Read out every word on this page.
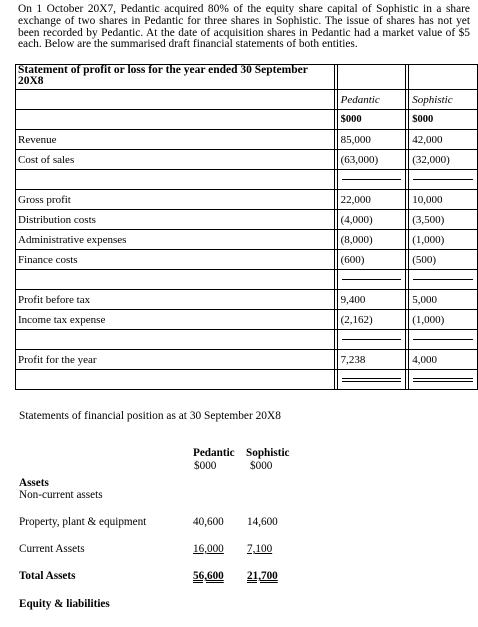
On 1 October 20X7, Pedantic acquired 80% of the equity share capital of Sophistic in a share exchange of two shares in Pedantic for three shares in Sophistic. The issue of shares has not yet been recorded by Pedantic. At the date of acquisition shares in Pedantic had a market value of $5 each. Below are the summarised draft financial statements of both entities.
Statement of profit or loss for the year ended 30 September 20X8				
		Pedantic		Sophistic
		$000		$000
Revenue		85,000		42,000
Cost of sales		(63,000)		(32,000)

Gross profit		22,000		10,000
Distribution costs		(4,000)		(3,500)
Administrative expenses		(8,000)		(1,000)
Finance costs		(600)		(500)

Profit before tax		9,400		5,000
Income tax expense		(2,162)		(1,000)

Profit for the year		7,238		4,000

Statements of financial position as at 30 September 20X8
Pedantic Sophistic
$000	$000
Assets
Non-current assets
Property, plant & equipment	40,600 14,600
Current Assets	16,000 7,100
Total Assets	56,600 21,700
Equity & liabilities
